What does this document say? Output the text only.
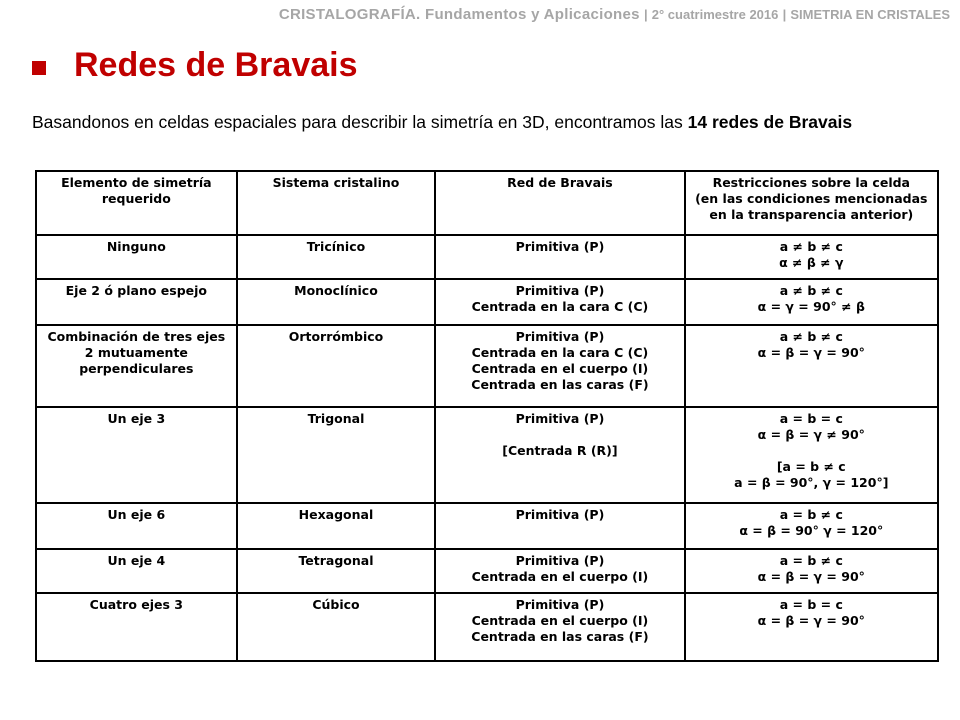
CRISTALOGRAFÍA. Fundamentos y Aplicaciones | 2° cuatrimestre 2016 | SIMETRIA EN CRISTALES
Redes de Bravais
Basandonos en celdas espaciales para describir la simetría en 3D, encontramos las 14 redes de Bravais
Elemento de simetría
requerido	Sistema cristalino	Red de Bravais	Restricciones sobre la celda
(en las condiciones mencionadas
en la transparencia anterior)

Ninguno	Tricínico	Primitiva (P)	a ≠ b ≠ c
α ≠ β ≠ γ

Eje 2 ó plano espejo	Monoclínico	Primitiva (P)
Centrada en la cara C (C)	a ≠ b ≠ c
α = γ = 90° ≠ β

Combinación de tres ejes
2 mutuamente
perpendiculares	Ortorrómbico	Primitiva (P)
Centrada en la cara C (C)
Centrada en el cuerpo (I)
Centrada en las caras (F)	a ≠ b ≠ c
α = β = γ = 90°

Un eje 3	Trigonal	Primitiva (P)
[Centrada R (R)]	a = b = c
α = β = γ ≠ 90°
[a = b ≠ c
a = β = 90°, γ = 120°]

Un eje 6	Hexagonal	Primitiva (P)	a = b ≠ c
α = β = 90° γ = 120°

Un eje 4	Tetragonal	Primitiva (P)
Centrada en el cuerpo (I)	a = b ≠ c
α = β = γ = 90°

Cuatro ejes 3	Cúbico	Primitiva (P)
Centrada en el cuerpo (I)
Centrada en las caras (F)	a = b = c
α = β = γ = 90°
